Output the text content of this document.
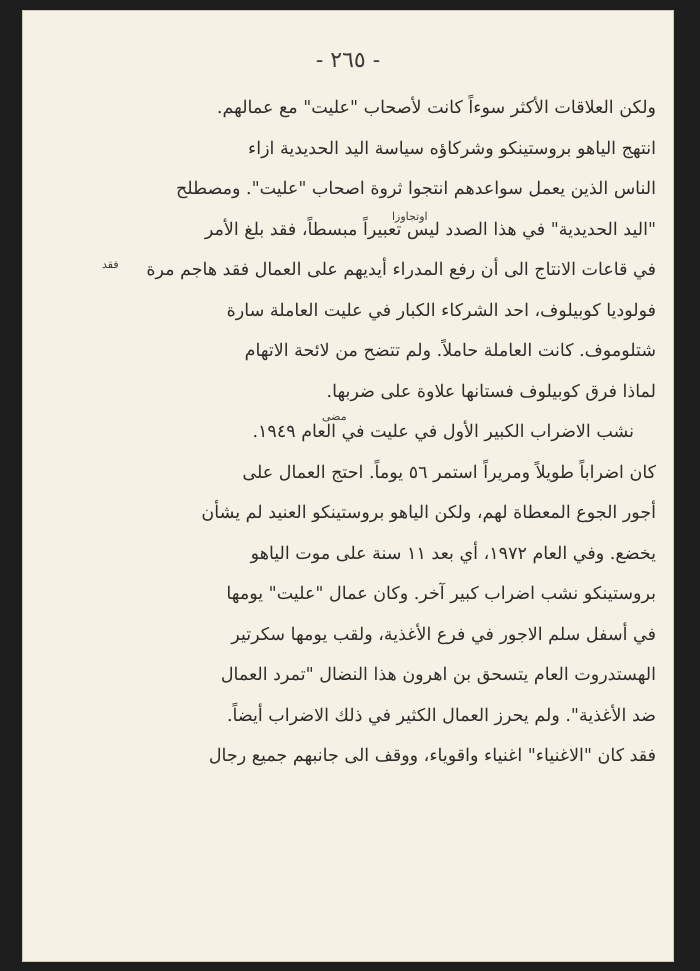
- ٢٦٥ -
اوتجاوزا
فقد
مضى
ولكن العلاقات الأكثر سوءاً كانت لأصحاب "عليت" مع عمالهم.
انتهج الياهو بروستينكو وشركاؤه سياسة اليد الحديدية ازاء
الناس الذين يعمل سواعدهم انتجوا ثروة اصحاب "عليت". ومصطلح
"اليد الحديدية" في هذا الصدد ليس تعبيراً مبسطاً، فقد بلغ الأمر
في قاعات الانتاج الى أن رفع المدراء أيديهم على العمال فقد هاجم مرة
فولوديا كوبيلوف، احد الشركاء الكبار في عليت العاملة سارة
شتلوموف. كانت العاملة حاملاً. ولم تتضح من لائحة الاتهام
لماذا فرق كوبيلوف فستانها علاوة على ضربها.
نشب الاضراب الكبير الأول في عليت في العام ١٩٤٩.
كان اضراباً طويلاً ومريراً استمر ٥٦ يوماً. احتج العمال على
أجور الجوع المعطاة لهم، ولكن الياهو بروستينكو العنيد لم يشأن
يخضع. وفي العام ١٩٧٢، أي بعد ١١ سنة على موت الياهو
بروستينكو نشب اضراب كبير آخر. وكان عمال "عليت" يومها
في أسفل سلم الاجور في فرع الأغذية، ولقب يومها سكرتير
الهستدروت العام يتسحق بن اهرون هذا النضال "تمرد العمال
ضد الأغذية". ولم يحرز العمال الكثير في ذلك الاضراب أيضاً.
فقد كان "الاغنياء" اغنياء واقوياء، ووقف الى جانبهم جميع رجال
